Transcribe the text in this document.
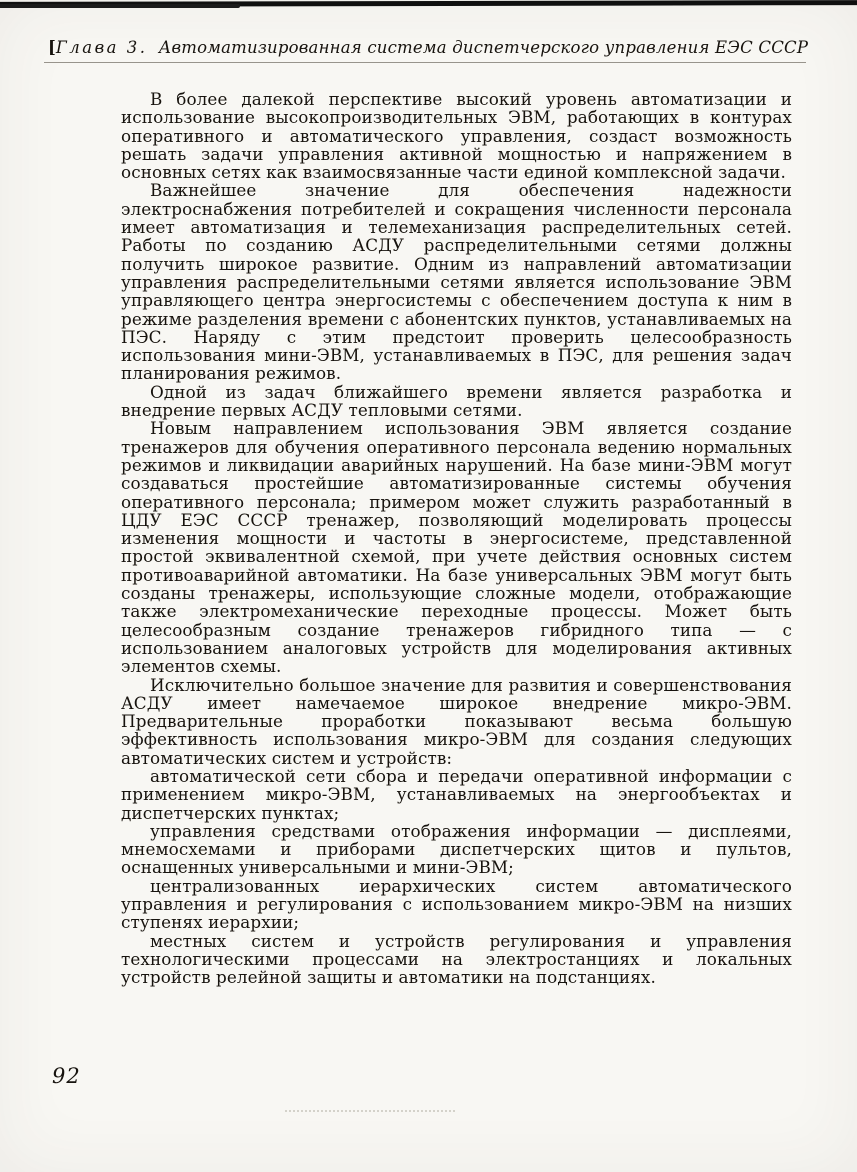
[Глава 3. Автоматизированная система диспетчерского управления ЕЭС СССР

В более далекой перспективе высокий уровень автоматизации и использование высокопроизводительных ЭВМ, работающих в контурах оперативного и автоматического управления, создаст возможность решать задачи управления активной мощностью и напряжением в основных сетях как взаимосвязанные части единой комплексной задачи.

Важнейшее значение для обеспечения надежности электроснабжения потребителей и сокращения численности персонала имеет автоматизация и телемеханизация распределительных сетей. Работы по созданию АСДУ распределительными сетями должны получить широкое развитие. Одним из направлений автоматизации управления распределительными сетями является использование ЭВМ управляющего центра энергосистемы с обеспечением доступа к ним в режиме разделения времени с абонентских пунктов, устанавливаемых на ПЭС. Наряду с этим предстоит проверить целесообразность использования мини-ЭВМ, устанавливаемых в ПЭС, для решения задач планирования режимов.

Одной из задач ближайшего времени является разработка и внедрение первых АСДУ тепловыми сетями.

Новым направлением использования ЭВМ является создание тренажеров для обучения оперативного персонала ведению нормальных режимов и ликвидации аварийных нарушений. На базе мини-ЭВМ могут создаваться простейшие автоматизированные системы обучения оперативного персонала; примером может служить разработанный в ЦДУ ЕЭС СССР тренажер, позволяющий моделировать процессы изменения мощности и частоты в энергосистеме, представленной простой эквивалентной схемой, при учете действия основных систем противоаварийной автоматики. На базе универсальных ЭВМ могут быть созданы тренажеры, использующие сложные модели, отображающие также электромеханические переходные процессы. Может быть целесообразным создание тренажеров гибридного типа — с использованием аналоговых устройств для моделирования активных элементов схемы.

Исключительно большое значение для развития и совершенствования АСДУ имеет намечаемое широкое внедрение микро-ЭВМ. Предварительные проработки показывают весьма большую эффективность использования микро-ЭВМ для создания следующих автоматических систем и устройств:

автоматической сети сбора и передачи оперативной информации с применением микро-ЭВМ, устанавливаемых на энергообъектах и диспетчерских пунктах;

управления средствами отображения информации — дисплеями, мнемосхемами и приборами диспетчерских щитов и пультов, оснащенных универсальными и мини-ЭВМ;

централизованных иерархических систем автоматического управления и регулирования с использованием микро-ЭВМ на низших ступенях иерархии;

местных систем и устройств регулирования и управления технологическими процессами на электростанциях и локальных устройств релейной защиты и автоматики на подстанциях.

92
